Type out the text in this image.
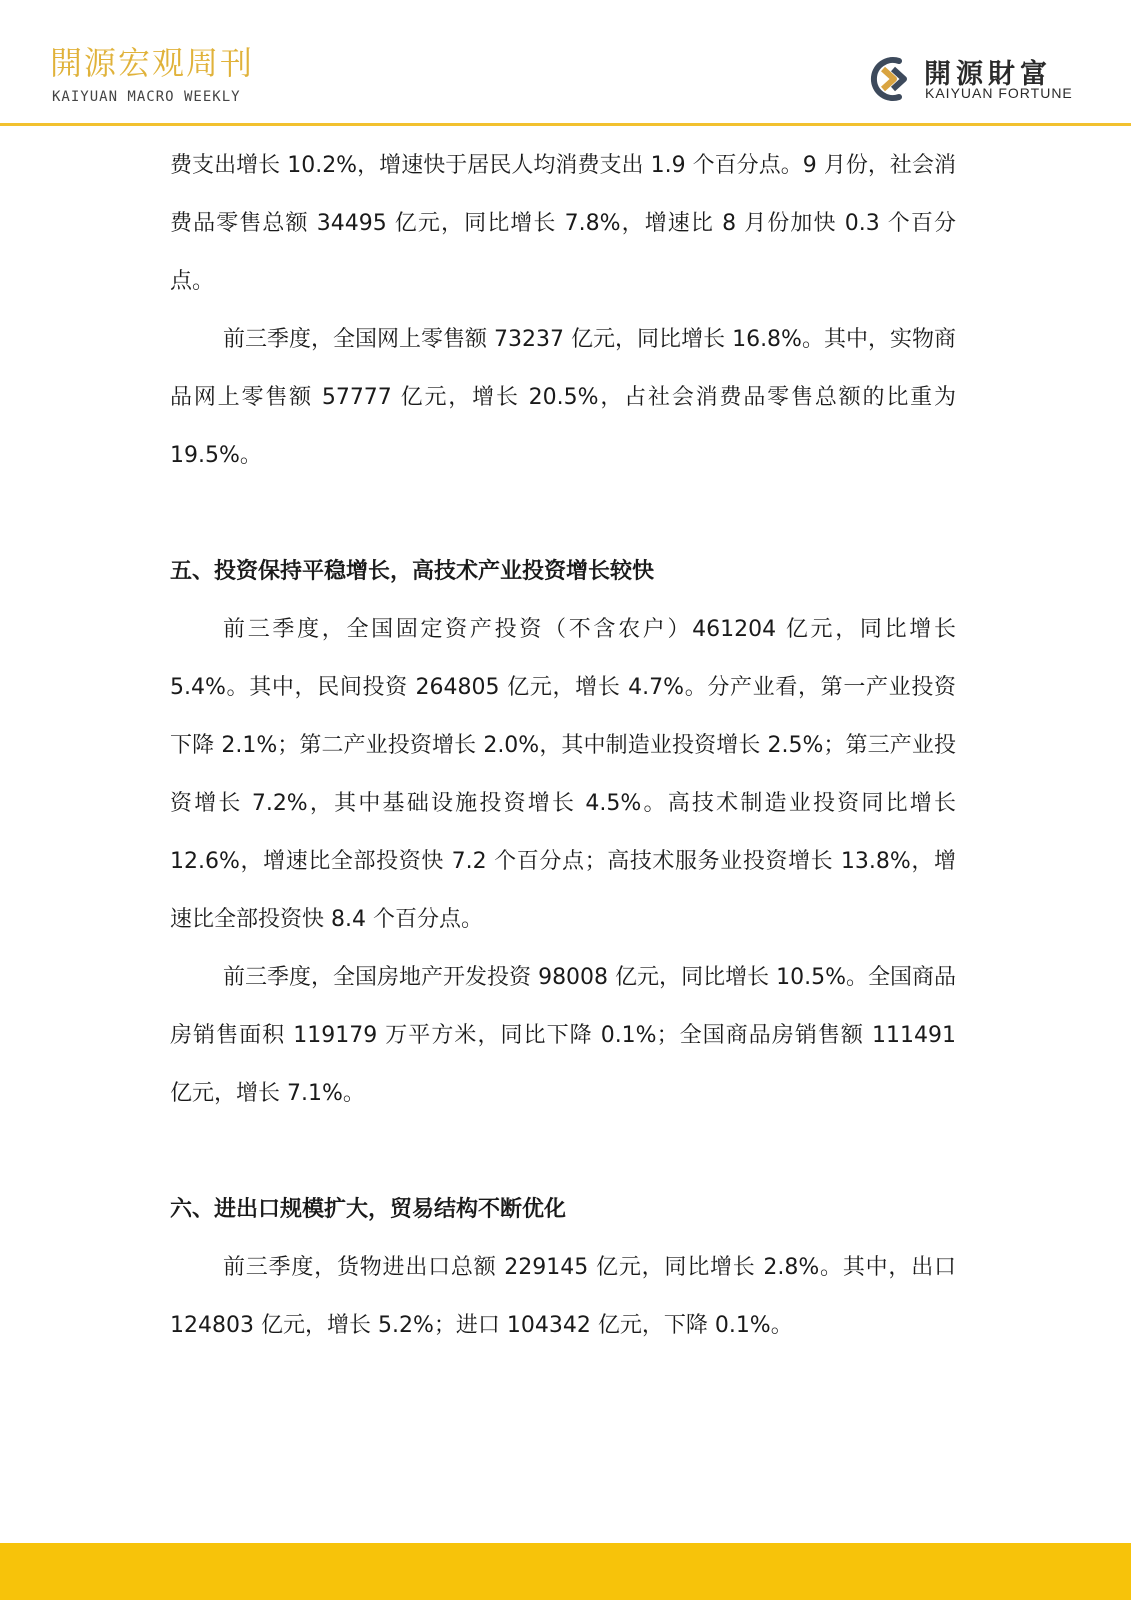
開源宏观周刊
KAIYUAN MACRO WEEKLY
開源財富
KAIYUAN FORTUNE

费支出增长 10.2%，增速快于居民人均消费支出 1.9 个百分点。9 月份，社会消费品零售总额 34495 亿元，同比增长 7.8%，增速比 8 月份加快 0.3 个百分点。

前三季度，全国网上零售额 73237 亿元，同比增长 16.8%。其中，实物商品网上零售额 57777 亿元，增长 20.5%，占社会消费品零售总额的比重为 19.5%。

五、投资保持平稳增长，高技术产业投资增长较快

前三季度，全国固定资产投资（不含农户）461204 亿元，同比增长 5.4%。其中，民间投资 264805 亿元，增长 4.7%。分产业看，第一产业投资下降 2.1%；第二产业投资增长 2.0%，其中制造业投资增长 2.5%；第三产业投资增长 7.2%，其中基础设施投资增长 4.5%。高技术制造业投资同比增长 12.6%，增速比全部投资快 7.2 个百分点；高技术服务业投资增长 13.8%，增速比全部投资快 8.4 个百分点。

前三季度，全国房地产开发投资 98008 亿元，同比增长 10.5%。全国商品房销售面积 119179 万平方米，同比下降 0.1%；全国商品房销售额 111491 亿元，增长 7.1%。

六、进出口规模扩大，贸易结构不断优化

前三季度，货物进出口总额 229145 亿元，同比增长 2.8%。其中，出口 124803 亿元，增长 5.2%；进口 104342 亿元，下降 0.1%。
